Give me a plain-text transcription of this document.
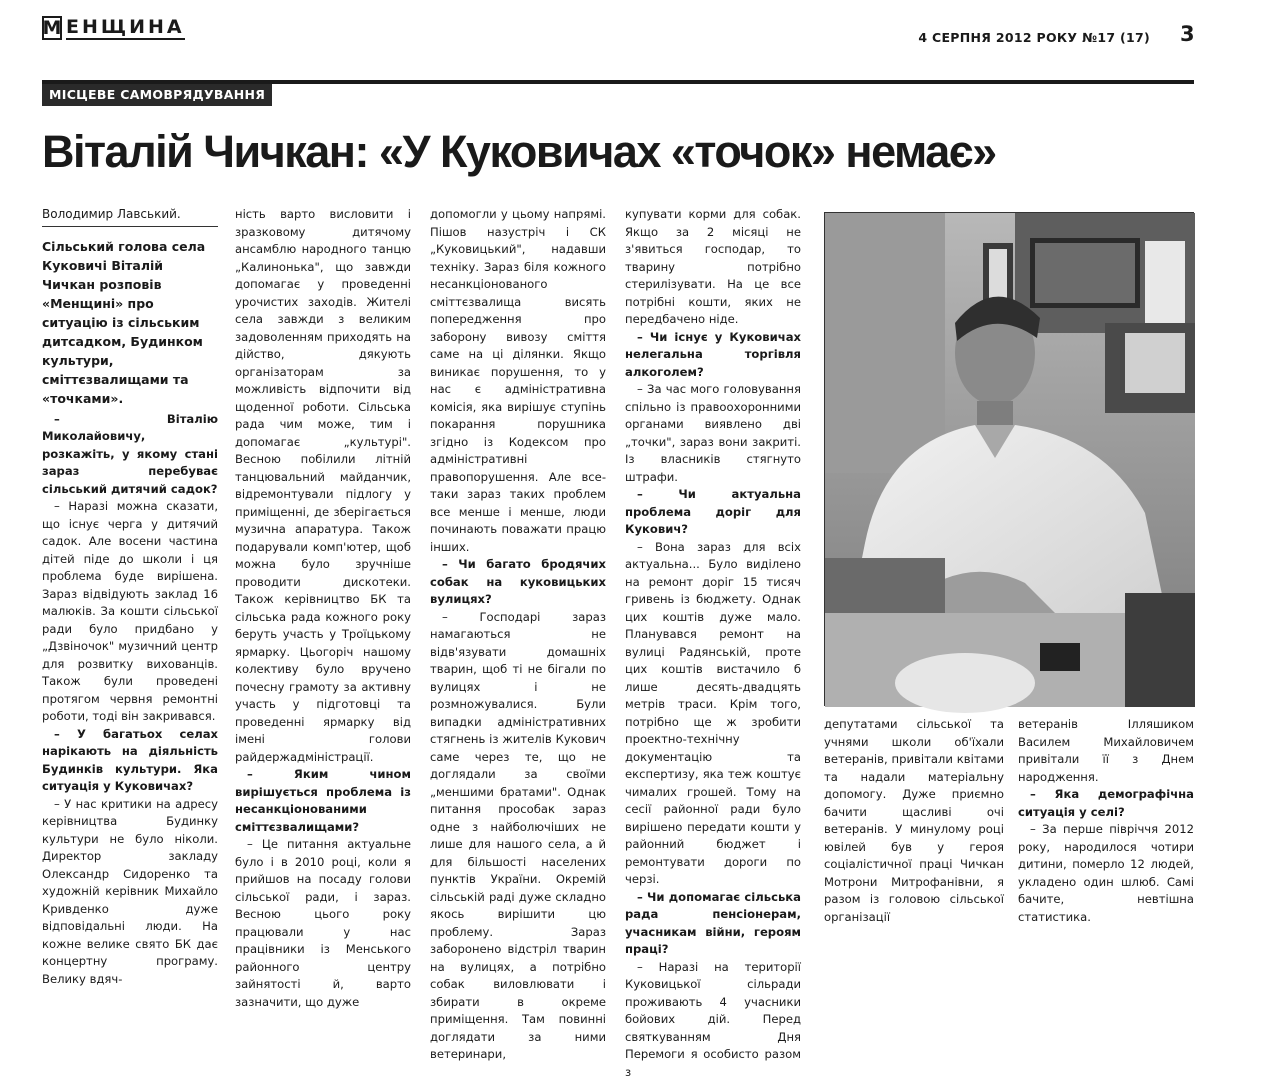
М ЕНЩИНА	4 СЕРПНЯ 2012 РОКУ №17 (17) 3
МІСЦЕВЕ САМОВРЯДУВАННЯ
Віталій Чичкан: «У Куковичах «точок» немає»
Володимир Лавський.
Сільський голова села Куковичі Віталій Чичкан розповів «Менщині» про ситуацію із сільським дитсадком, Будинком культури, сміттєзвалищами та «точками».

– Віталію Миколайовичу, розкажіть, у якому стані зараз перебуває сільський дитячий садок?

– Наразі можна сказати, що існує черга у дитячий садок. Але восени частина дітей піде до школи і ця проблема буде вирішена. Зараз відвідують заклад 16 малюків. За кошти сільської ради було придбано у „Дзвіночок" музичний центр для розвитку вихованців. Також були проведені протягом червня ремонтні роботи, тоді він закривався.

– У багатьох селах нарікають на діяльність Будинків культури. Яка ситуація у Куковичах?

– У нас критики на адресу керівництва Будинку культури не було ніколи. Директор закладу Олександр Сидоренко та художній керівник Михайло Кривденко дуже відповідальні люди. На кожне велике свято БК дає концертну програму. Велику вдяч-

ність варто висловити і зразковому дитячому ансамблю народного танцю „Калинонька", що завжди допомагає у проведенні урочистих заходів. Жителі села завжди з великим задоволенням приходять на дійство, дякують організаторам за можливість відпочити від щоденної роботи. Сільська рада чим може, тим і допомагає „культурі". Весною побілили літній танцювальний майданчик, відремонтували підлогу у приміщенні, де зберігається музична апаратура. Також подарували комп'ютер, щоб можна було зручніше проводити дискотеки. Також керівництво БК та сільська рада кожного року беруть участь у Троїцькому ярмарку. Цьогоріч нашому колективу було вручено почесну грамоту за активну участь у підготовці та проведенні ярмарку від імені голови райдержадміністрації.

– Яким чином вирішується проблема із несанкціонованими сміттєзвалищами?

– Це питання актуальне було і в 2010 році, коли я прийшов на посаду голови сільської ради, і зараз. Весною цього року працювали у нас працівники із Менського районного центру зайнятості й, варто зазначити, що дуже

допомогли у цьому напрямі. Пішов назустріч і СК „Куковицький", надавши техніку. Зараз біля кожного несанкціонованого сміттєзвалища висять попередження про заборону вивозу сміття саме на ці ділянки. Якщо виникає порушення, то у нас є адміністративна комісія, яка вирішує ступінь покарання порушника згідно із Кодексом про адміністративні правопорушення. Але все-таки зараз таких проблем все менше і менше, люди починають поважати працю інших.

– Чи багато бродячих собак на куковицьких вулицях?

– Господарі зараз намагаються не відв'язувати домашніх тварин, щоб ті не бігали по вулицях і не розмножувалися. Були випадки адміністративних стягнень із жителів Кукович саме через те, що не доглядали за своїми „меншими братами". Однак питання прособак зараз одне з найболючіших не лише для нашого села, а й для більшості населених пунктів України. Окремій сільській раді дуже складно якось вирішити цю проблему. Зараз заборонено відстріл тварин на вулицях, а потрібно собак виловлювати і збирати в окреме приміщення. Там повинні доглядати за ними ветеринари,

купувати корми для собак. Якщо за 2 місяці не з'явиться господар, то тварину потрібно стерилізувати. На це все потрібні кошти, яких не передбачено ніде.

– Чи існує у Куковичах нелегальна торгівля алкоголем?

– За час мого головування спільно із правоохоронними органами виявлено дві „точки", зараз вони закриті. Із власників стягнуто штрафи.

– Чи актуальна проблема доріг для Кукович?

– Вона зараз для всіх актуальна... Було виділено на ремонт доріг 15 тисяч гривень із бюджету. Однак цих коштів дуже мало. Планувався ремонт на вулиці Радянській, проте цих коштів вистачило б лише десять-двадцять метрів траси. Крім того, потрібно ще ж зробити проектно-технічну документацію та експертизу, яка теж коштує чималих грошей. Тому на сесії районної ради було вирішено передати кошти у районний бюджет і ремонтувати дороги по черзі.

– Чи допомагає сільська рада пенсіонерам, учасникам війни, героям праці?

– Наразі на території Куковицької сільради проживають 4 учасники бойових дій. Перед святкуванням Дня Перемоги я особисто разом з

депутатами сільської та учнями школи об'їхали ветеранів, привітали квітами та надали матеріальну допомогу. Дуже приємно бачити щасливі очі ветеранів. У минулому році ювілей був у героя соціалістичної праці Чичкан Мотрони Митрофанівни, я разом із головою сільської організації

ветеранів Ілляшиком Василем Михайловичем привітали її з Днем народження.

– Яка демографічна ситуація у селі?

– За перше півріччя 2012 року, народилося чотири дитини, померло 12 людей, укладено один шлюб. Самі бачите, невтішна статистика.
